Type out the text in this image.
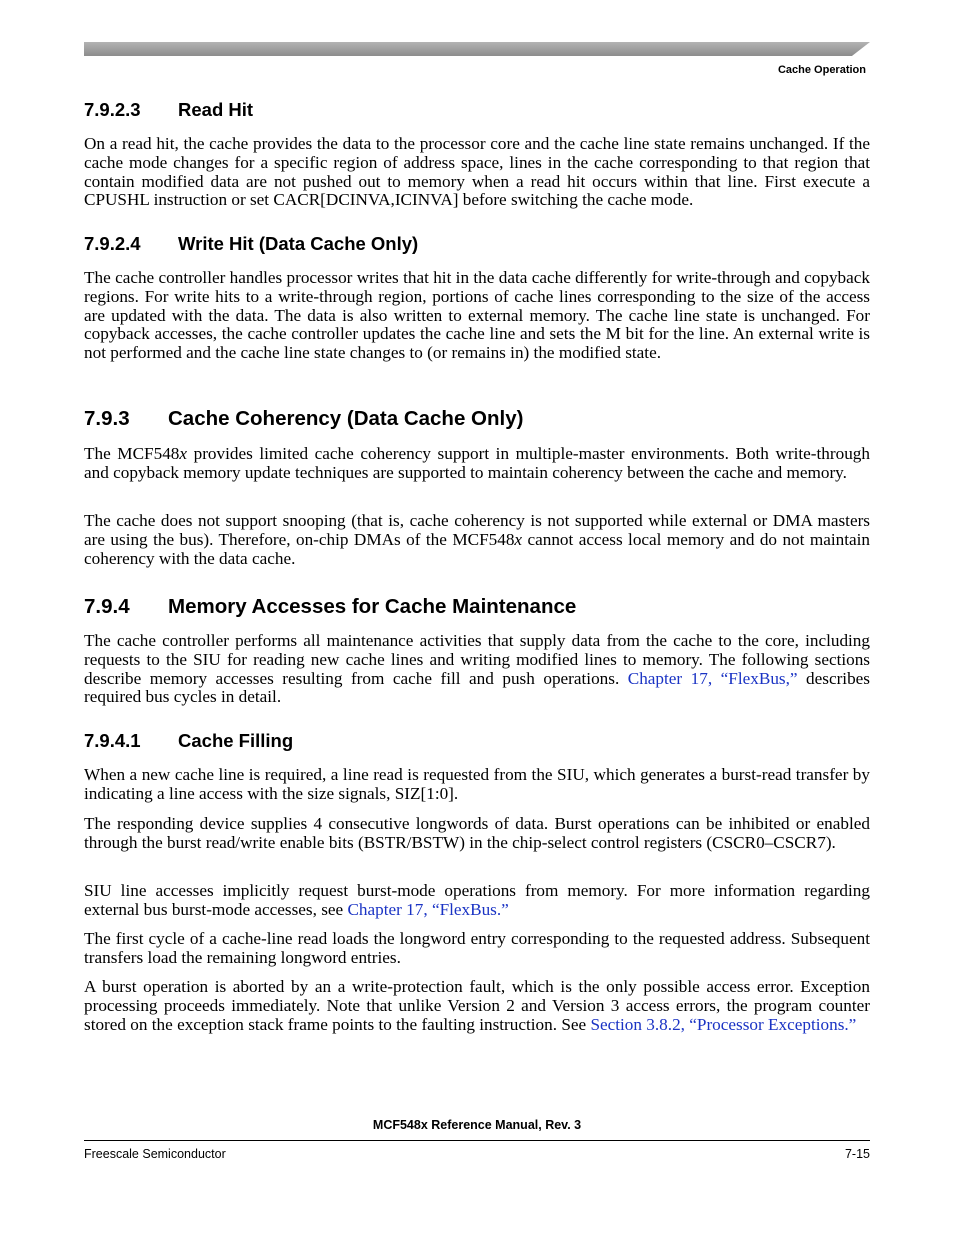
Cache Operation
7.9.2.3 Read Hit

On a read hit, the cache provides the data to the processor core and the cache line state remains unchanged. If the cache mode changes for a specific region of address space, lines in the cache corresponding to that region that contain modified data are not pushed out to memory when a read hit occurs within that line. First execute a CPUSHL instruction or set CACR[DCINVA,ICINVA] before switching the cache mode.

7.9.2.4 Write Hit (Data Cache Only)

The cache controller handles processor writes that hit in the data cache differently for write-through and copyback regions. For write hits to a write-through region, portions of cache lines corresponding to the size of the access are updated with the data. The data is also written to external memory. The cache line state is unchanged. For copyback accesses, the cache controller updates the cache line and sets the M bit for the line. An external write is not performed and the cache line state changes to (or remains in) the modified state.

7.9.3 Cache Coherency (Data Cache Only)

The MCF548x provides limited cache coherency support in multiple-master environments. Both write-through and copyback memory update techniques are supported to maintain coherency between the cache and memory.

The cache does not support snooping (that is, cache coherency is not supported while external or DMA masters are using the bus). Therefore, on-chip DMAs of the MCF548x cannot access local memory and do not maintain coherency with the data cache.

7.9.4 Memory Accesses for Cache Maintenance

The cache controller performs all maintenance activities that supply data from the cache to the core, including requests to the SIU for reading new cache lines and writing modified lines to memory. The following sections describe memory accesses resulting from cache fill and push operations. Chapter 17, “FlexBus,” describes required bus cycles in detail.

7.9.4.1 Cache Filling

When a new cache line is required, a line read is requested from the SIU, which generates a burst-read transfer by indicating a line access with the size signals, SIZ[1:0].

The responding device supplies 4 consecutive longwords of data. Burst operations can be inhibited or enabled through the burst read/write enable bits (BSTR/BSTW) in the chip-select control registers (CSCR0–CSCR7).

SIU line accesses implicitly request burst-mode operations from memory. For more information regarding external bus burst-mode accesses, see Chapter 17, “FlexBus.”

The first cycle of a cache-line read loads the longword entry corresponding to the requested address. Subsequent transfers load the remaining longword entries.

A burst operation is aborted by an a write-protection fault, which is the only possible access error. Exception processing proceeds immediately. Note that unlike Version 2 and Version 3 access errors, the program counter stored on the exception stack frame points to the faulting instruction. See Section 3.8.2, “Processor Exceptions.”

MCF548x Reference Manual, Rev. 3
Freescale Semiconductor	7-15
